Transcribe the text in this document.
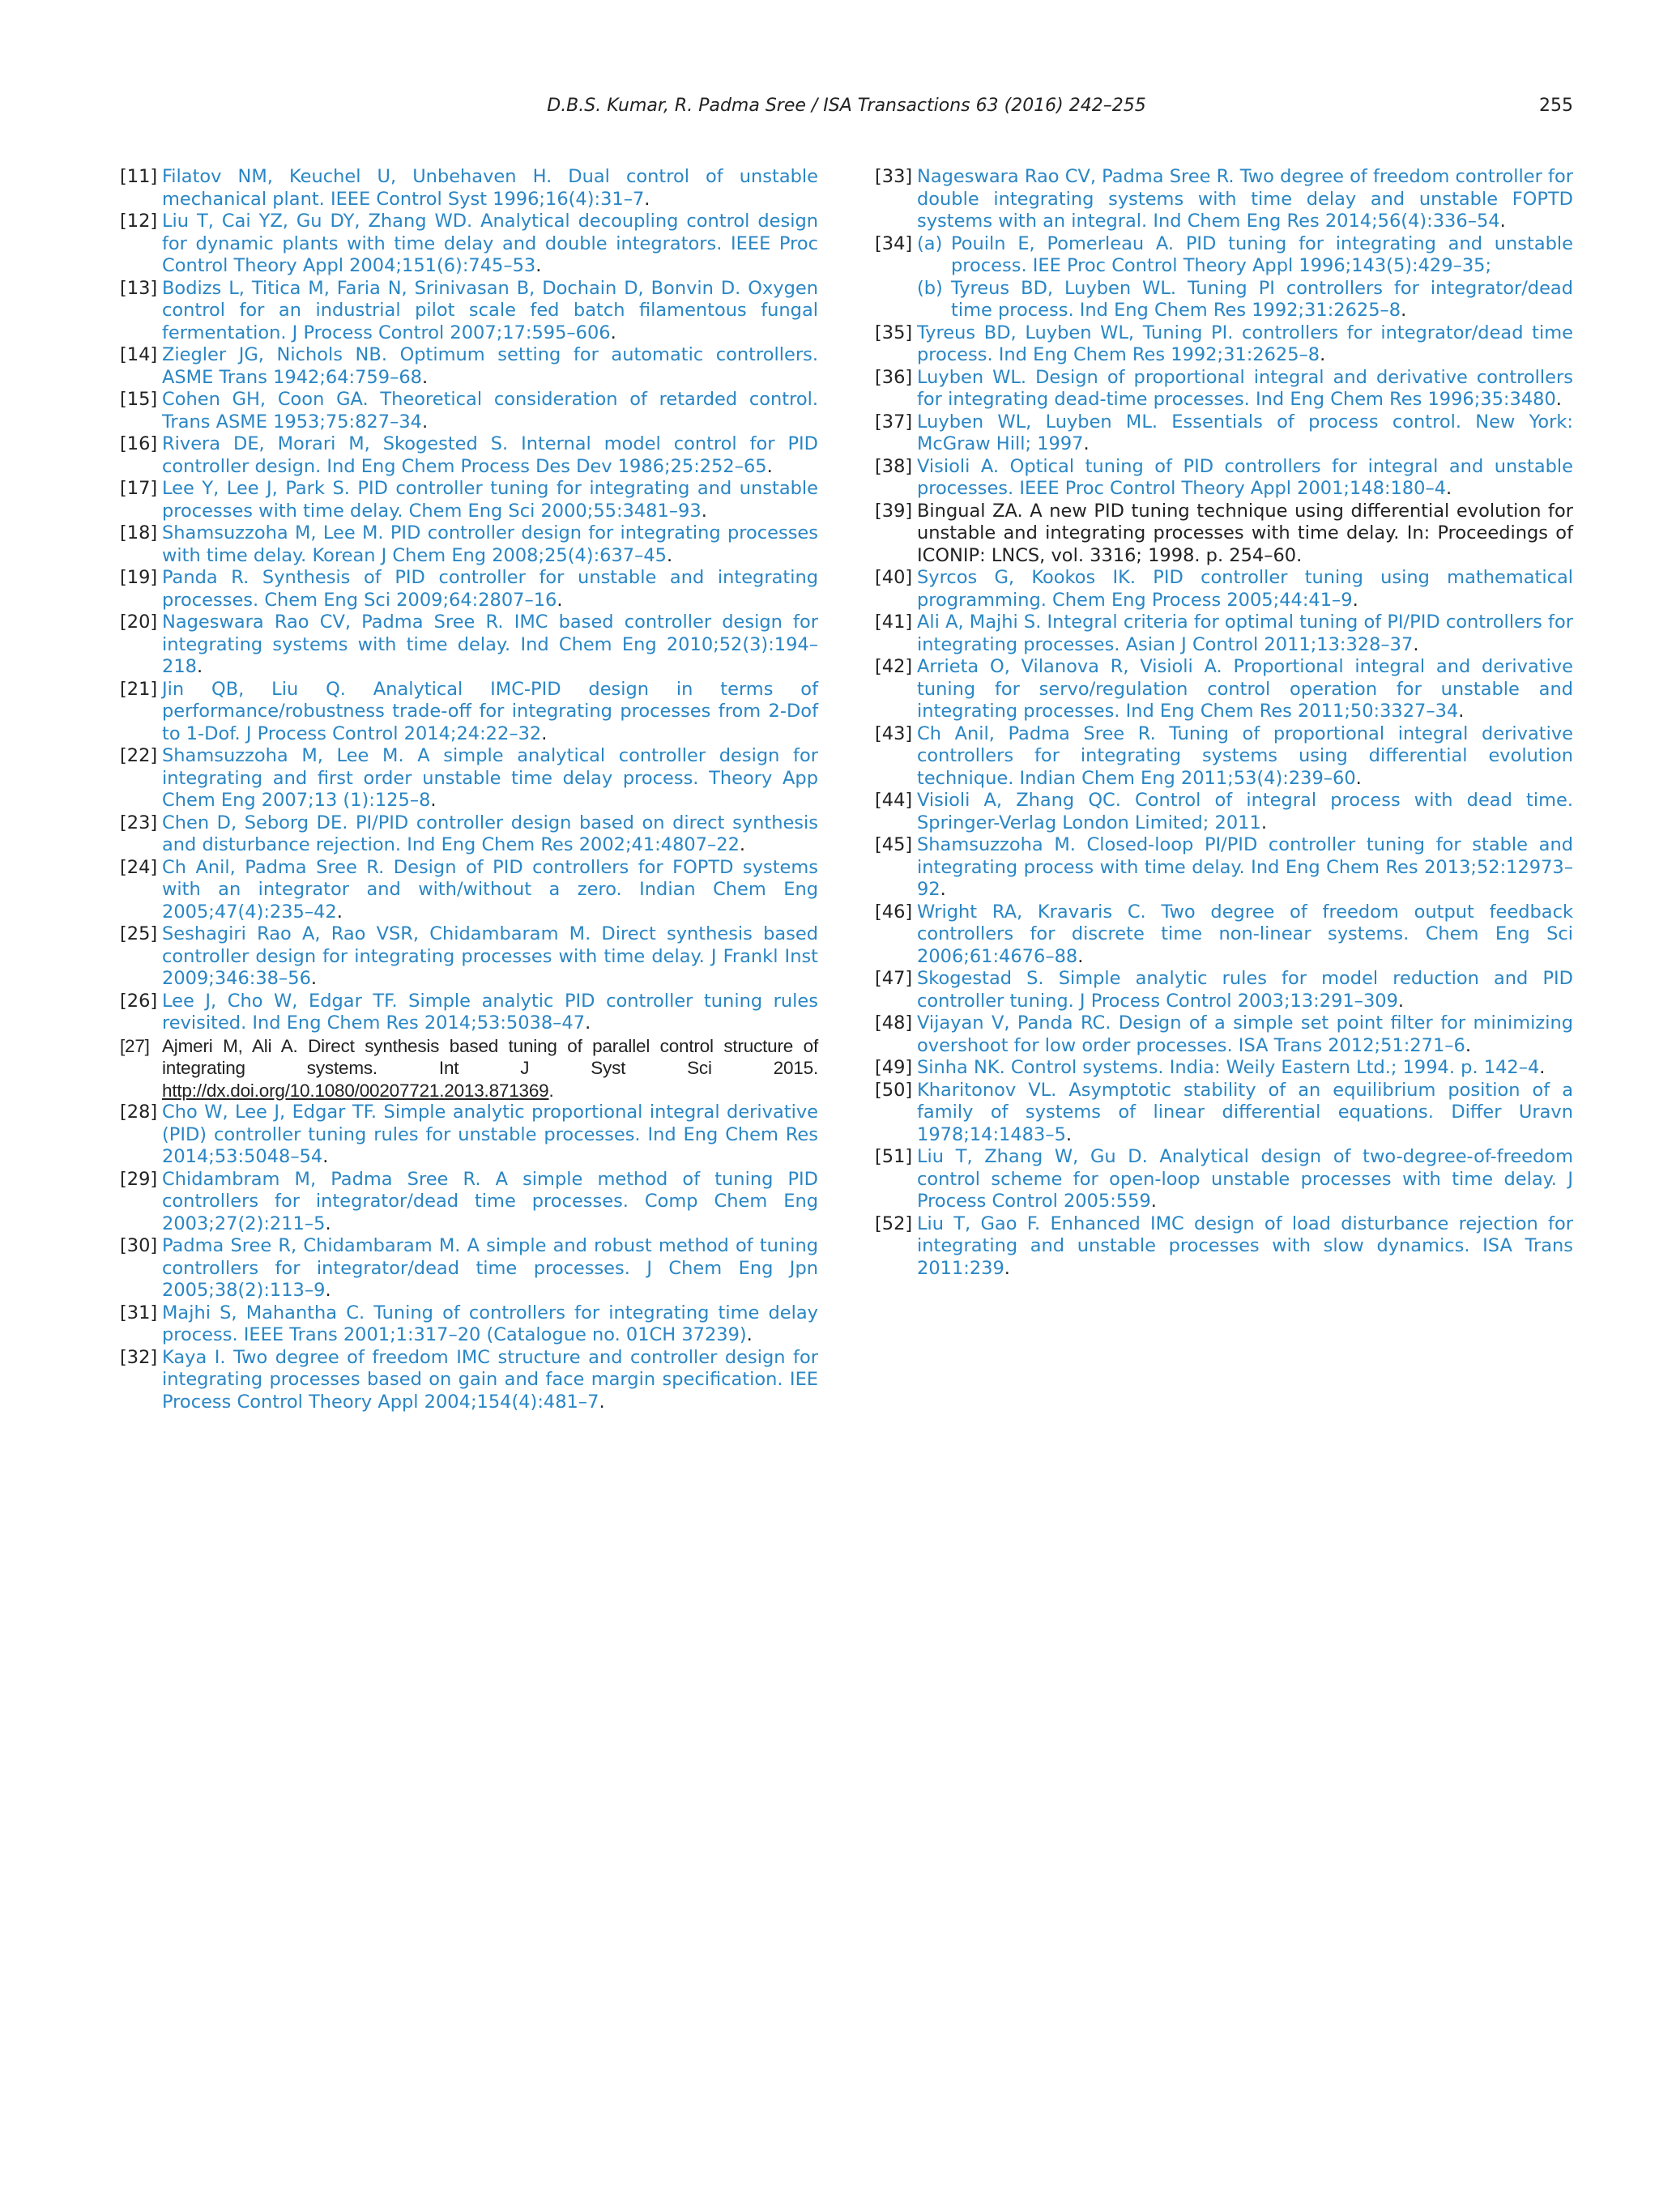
D.B.S. Kumar, R. Padma Sree / ISA Transactions 63 (2016) 242–255	255

[11] Filatov NM, Keuchel U, Unbehaven H. Dual control of unstable mechanical plant. IEEE Control Syst 1996;16(4):31–7.

[12] Liu T, Cai YZ, Gu DY, Zhang WD. Analytical decoupling control design for dynamic plants with time delay and double integrators. IEEE Proc Control Theory Appl 2004;151(6):745–53.

[13] Bodizs L, Titica M, Faria N, Srinivasan B, Dochain D, Bonvin D. Oxygen control for an industrial pilot scale fed batch filamentous fungal fermentation. J Process Control 2007;17:595–606.

[14] Ziegler JG, Nichols NB. Optimum setting for automatic controllers. ASME Trans 1942;64:759–68.

[15] Cohen GH, Coon GA. Theoretical consideration of retarded control. Trans ASME 1953;75:827–34.

[16] Rivera DE, Morari M, Skogested S. Internal model control for PID controller design. Ind Eng Chem Process Des Dev 1986;25:252–65.

[17] Lee Y, Lee J, Park S. PID controller tuning for integrating and unstable processes with time delay. Chem Eng Sci 2000;55:3481–93.

[18] Shamsuzzoha M, Lee M. PID controller design for integrating processes with time delay. Korean J Chem Eng 2008;25(4):637–45.

[19] Panda R. Synthesis of PID controller for unstable and integrating processes. Chem Eng Sci 2009;64:2807–16.

[20] Nageswara Rao CV, Padma Sree R. IMC based controller design for integrating systems with time delay. Ind Chem Eng 2010;52(3):194–218.

[21] Jin QB, Liu Q. Analytical IMC-PID design in terms of performance/robustness trade-off for integrating processes from 2-Dof to 1-Dof. J Process Control 2014;24:22–32.

[22] Shamsuzzoha M, Lee M. A simple analytical controller design for integrating and first order unstable time delay process. Theory App Chem Eng 2007;13 (1):125–8.

[23] Chen D, Seborg DE. PI/PID controller design based on direct synthesis and disturbance rejection. Ind Eng Chem Res 2002;41:4807–22.

[24] Ch Anil, Padma Sree R. Design of PID controllers for FOPTD systems with an integrator and with/without a zero. Indian Chem Eng 2005;47(4):235–42.

[25] Seshagiri Rao A, Rao VSR, Chidambaram M. Direct synthesis based controller design for integrating processes with time delay. J Frankl Inst 2009;346:38–56.

[26] Lee J, Cho W, Edgar TF. Simple analytic PID controller tuning rules revisited. Ind Eng Chem Res 2014;53:5038–47.

[27] Ajmeri M, Ali A. Direct synthesis based tuning of parallel control structure of integrating systems. Int J Syst Sci 2015. http://dx.doi.org/10.1080/00207721.2013.871369.

[28] Cho W, Lee J, Edgar TF. Simple analytic proportional integral derivative (PID) controller tuning rules for unstable processes. Ind Eng Chem Res 2014;53:5048–54.

[29] Chidambram M, Padma Sree R. A simple method of tuning PID controllers for integrator/dead time processes. Comp Chem Eng 2003;27(2):211–5.

[30] Padma Sree R, Chidambaram M. A simple and robust method of tuning controllers for integrator/dead time processes. J Chem Eng Jpn 2005;38(2):113–9.

[31] Majhi S, Mahantha C. Tuning of controllers for integrating time delay process. IEEE Trans 2001;1:317–20 (Catalogue no. 01CH 37239).

[32] Kaya I. Two degree of freedom IMC structure and controller design for integrating processes based on gain and face margin specification. IEE Process Control Theory Appl 2004;154(4):481–7.

[33] Nageswara Rao CV, Padma Sree R. Two degree of freedom controller for double integrating systems with time delay and unstable FOPTD systems with an integral. Ind Chem Eng Res 2014;56(4):336–54.

[34] (a) Pouiln E, Pomerleau A. PID tuning for integrating and unstable process. IEE Proc Control Theory Appl 1996;143(5):429–35;
(b) Tyreus BD, Luyben WL. Tuning PI controllers for integrator/dead time process. Ind Eng Chem Res 1992;31:2625–8.

[35] Tyreus BD, Luyben WL, Tuning PI. controllers for integrator/dead time process. Ind Eng Chem Res 1992;31:2625–8.

[36] Luyben WL. Design of proportional integral and derivative controllers for integrating dead-time processes. Ind Eng Chem Res 1996;35:3480.

[37] Luyben WL, Luyben ML. Essentials of process control. New York: McGraw Hill; 1997.

[38] Visioli A. Optical tuning of PID controllers for integral and unstable processes. IEEE Proc Control Theory Appl 2001;148:180–4.

[39] Bingual ZA. A new PID tuning technique using differential evolution for unstable and integrating processes with time delay. In: Proceedings of ICONIP: LNCS, vol. 3316; 1998. p. 254–60.

[40] Syrcos G, Kookos IK. PID controller tuning using mathematical programming. Chem Eng Process 2005;44:41–9.

[41] Ali A, Majhi S. Integral criteria for optimal tuning of PI/PID controllers for integrating processes. Asian J Control 2011;13:328–37.

[42] Arrieta O, Vilanova R, Visioli A. Proportional integral and derivative tuning for servo/regulation control operation for unstable and integrating processes. Ind Eng Chem Res 2011;50:3327–34.

[43] Ch Anil, Padma Sree R. Tuning of proportional integral derivative controllers for integrating systems using differential evolution technique. Indian Chem Eng 2011;53(4):239–60.

[44] Visioli A, Zhang QC. Control of integral process with dead time. Springer-Verlag London Limited; 2011.

[45] Shamsuzzoha M. Closed-loop PI/PID controller tuning for stable and integrating process with time delay. Ind Eng Chem Res 2013;52:12973–92.

[46] Wright RA, Kravaris C. Two degree of freedom output feedback controllers for discrete time non-linear systems. Chem Eng Sci 2006;61:4676–88.

[47] Skogestad S. Simple analytic rules for model reduction and PID controller tuning. J Process Control 2003;13:291–309.

[48] Vijayan V, Panda RC. Design of a simple set point filter for minimizing overshoot for low order processes. ISA Trans 2012;51:271–6.

[49] Sinha NK. Control systems. India: Weily Eastern Ltd.; 1994. p. 142–4.

[50] Kharitonov VL. Asymptotic stability of an equilibrium position of a family of systems of linear differential equations. Differ Uravn 1978;14:1483–5.

[51] Liu T, Zhang W, Gu D. Analytical design of two-degree-of-freedom control scheme for open-loop unstable processes with time delay. J Process Control 2005:559.

[52] Liu T, Gao F. Enhanced IMC design of load disturbance rejection for integrating and unstable processes with slow dynamics. ISA Trans 2011:239.
